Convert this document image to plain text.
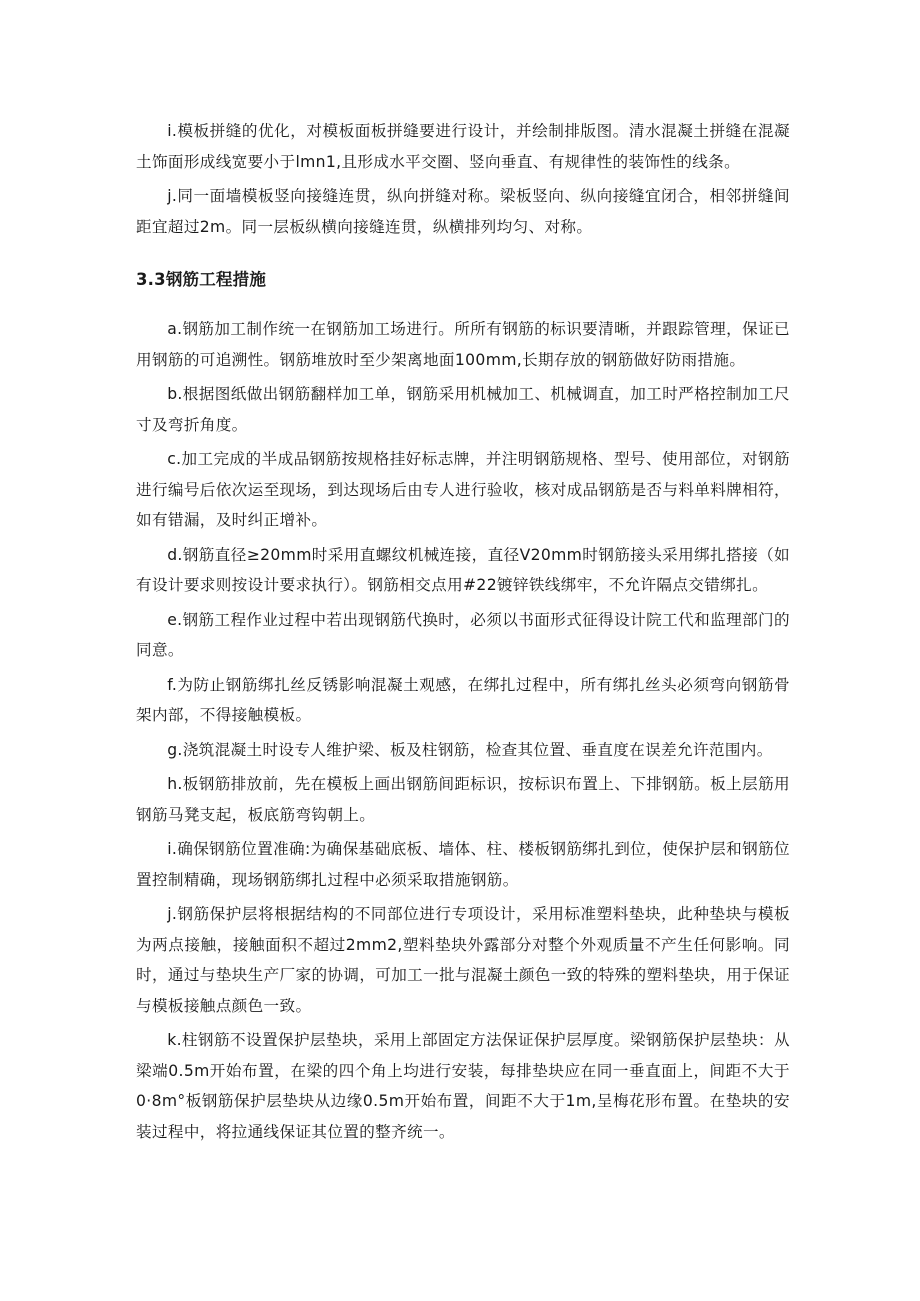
i.模板拼缝的优化，对模板面板拼缝要进行设计，并绘制排版图。清水混凝土拼缝在混凝土饰面形成线宽要小于lmn1,且形成水平交圈、竖向垂直、有规律性的装饰性的线条。

j.同一面墙模板竖向接缝连贯，纵向拼缝对称。梁板竖向、纵向接缝宜闭合，相邻拼缝间距宜超过2m。同一层板纵横向接缝连贯，纵横排列均匀、对称。

3.3钢筋工程措施

a.钢筋加工制作统一在钢筋加工场进行。所所有钢筋的标识要清晰，并跟踪管理，保证已用钢筋的可追溯性。钢筋堆放时至少架离地面100mm,长期存放的钢筋做好防雨措施。

b.根据图纸做出钢筋翻样加工单，钢筋采用机械加工、机械调直，加工时严格控制加工尺寸及弯折角度。

c.加工完成的半成品钢筋按规格挂好标志牌，并注明钢筋规格、型号、使用部位，对钢筋进行编号后依次运至现场，到达现场后由专人进行验收，核对成品钢筋是否与料单料牌相符，如有错漏，及时纠正增补。

d.钢筋直径≥20mm时采用直螺纹机械连接，直径V20mm时钢筋接头采用绑扎搭接（如有设计要求则按设计要求执行）。钢筋相交点用#22镀锌铁线绑牢，不允许隔点交错绑扎。

e.钢筋工程作业过程中若出现钢筋代换时，必须以书面形式征得设计院工代和监理部门的同意。

f.为防止钢筋绑扎丝反锈影响混凝土观感，在绑扎过程中，所有绑扎丝头必须弯向钢筋骨架内部，不得接触模板。

g.浇筑混凝土时设专人维护梁、板及柱钢筋，检查其位置、垂直度在误差允许范围内。

h.板钢筋排放前，先在模板上画出钢筋间距标识，按标识布置上、下排钢筋。板上层筋用钢筋马凳支起，板底筋弯钩朝上。

i.确保钢筋位置准确:为确保基础底板、墙体、柱、楼板钢筋绑扎到位，使保护层和钢筋位置控制精确，现场钢筋绑扎过程中必须采取措施钢筋。

j.钢筋保护层将根据结构的不同部位进行专项设计，采用标准塑料垫块，此种垫块与模板为两点接触，接触面积不超过2mm2,塑料垫块外露部分对整个外观质量不产生任何影响。同时，通过与垫块生产厂家的协调，可加工一批与混凝土颜色一致的特殊的塑料垫块，用于保证与模板接触点颜色一致。

k.柱钢筋不设置保护层垫块，采用上部固定方法保证保护层厚度。梁钢筋保护层垫块：从梁端0.5m开始布置，在梁的四个角上均进行安装，每排垫块应在同一垂直面上，间距不大于0·8m°板钢筋保护层垫块从边缘0.5m开始布置，间距不大于1m,呈梅花形布置。在垫块的安装过程中，将拉通线保证其位置的整齐统一。
